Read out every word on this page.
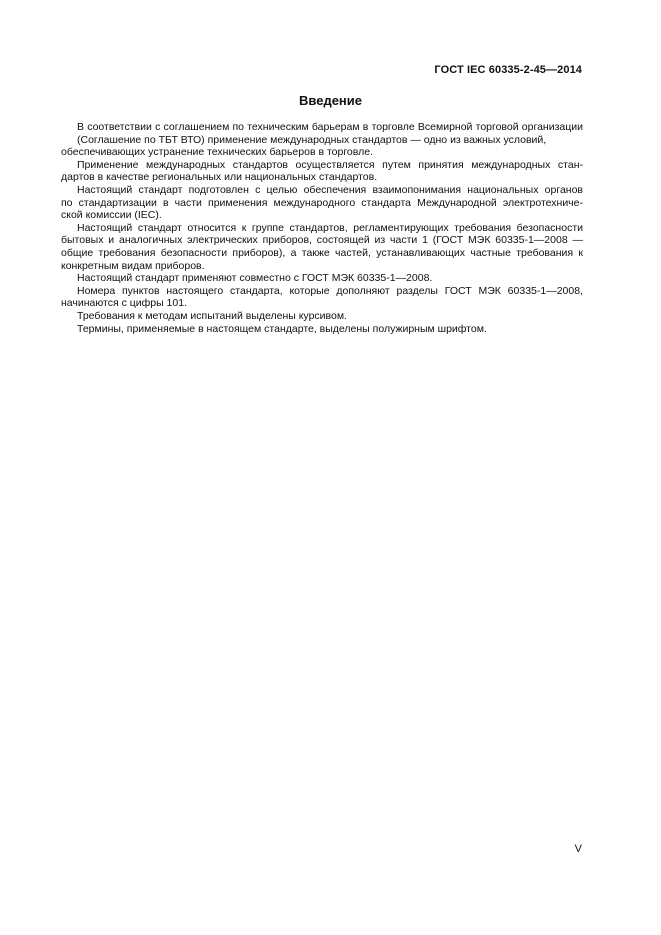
ГОСТ IEC 60335-2-45—2014
Введение

В соответствии с соглашением по техническим барьерам в торговле Всемирной торговой организации (Соглашение по ТБТ ВТО) применение международных стандартов — одно из важных условий,
обеспечивающих устранение технических барьеров в торговле.

Применение международных стандартов осуществляется путем принятия международных стан-
дартов в качестве региональных или национальных стандартов.

Настоящий стандарт подготовлен с целью обеспечения взаимопонимания национальных органов
по стандартизации в части применения международного стандарта Международной электротехниче-
ской комиссии (IEC).

Настоящий стандарт относится к группе стандартов, регламентирующих требования безопасности
бытовых и аналогичных электрических приборов, состоящей из части 1 (ГОСТ МЭК 60335-1—2008 —
общие требования безопасности приборов), а также частей, устанавливающих частные требования к
конкретным видам приборов.

Настоящий стандарт применяют совместно с ГОСТ МЭК 60335-1—2008.

Номера пунктов настоящего стандарта, которые дополняют разделы ГОСТ МЭК 60335-1—2008,
начинаются с цифры 101.

Требования к методам испытаний выделены курсивом.

Термины, применяемые в настоящем стандарте, выделены полужирным шрифтом.

V
